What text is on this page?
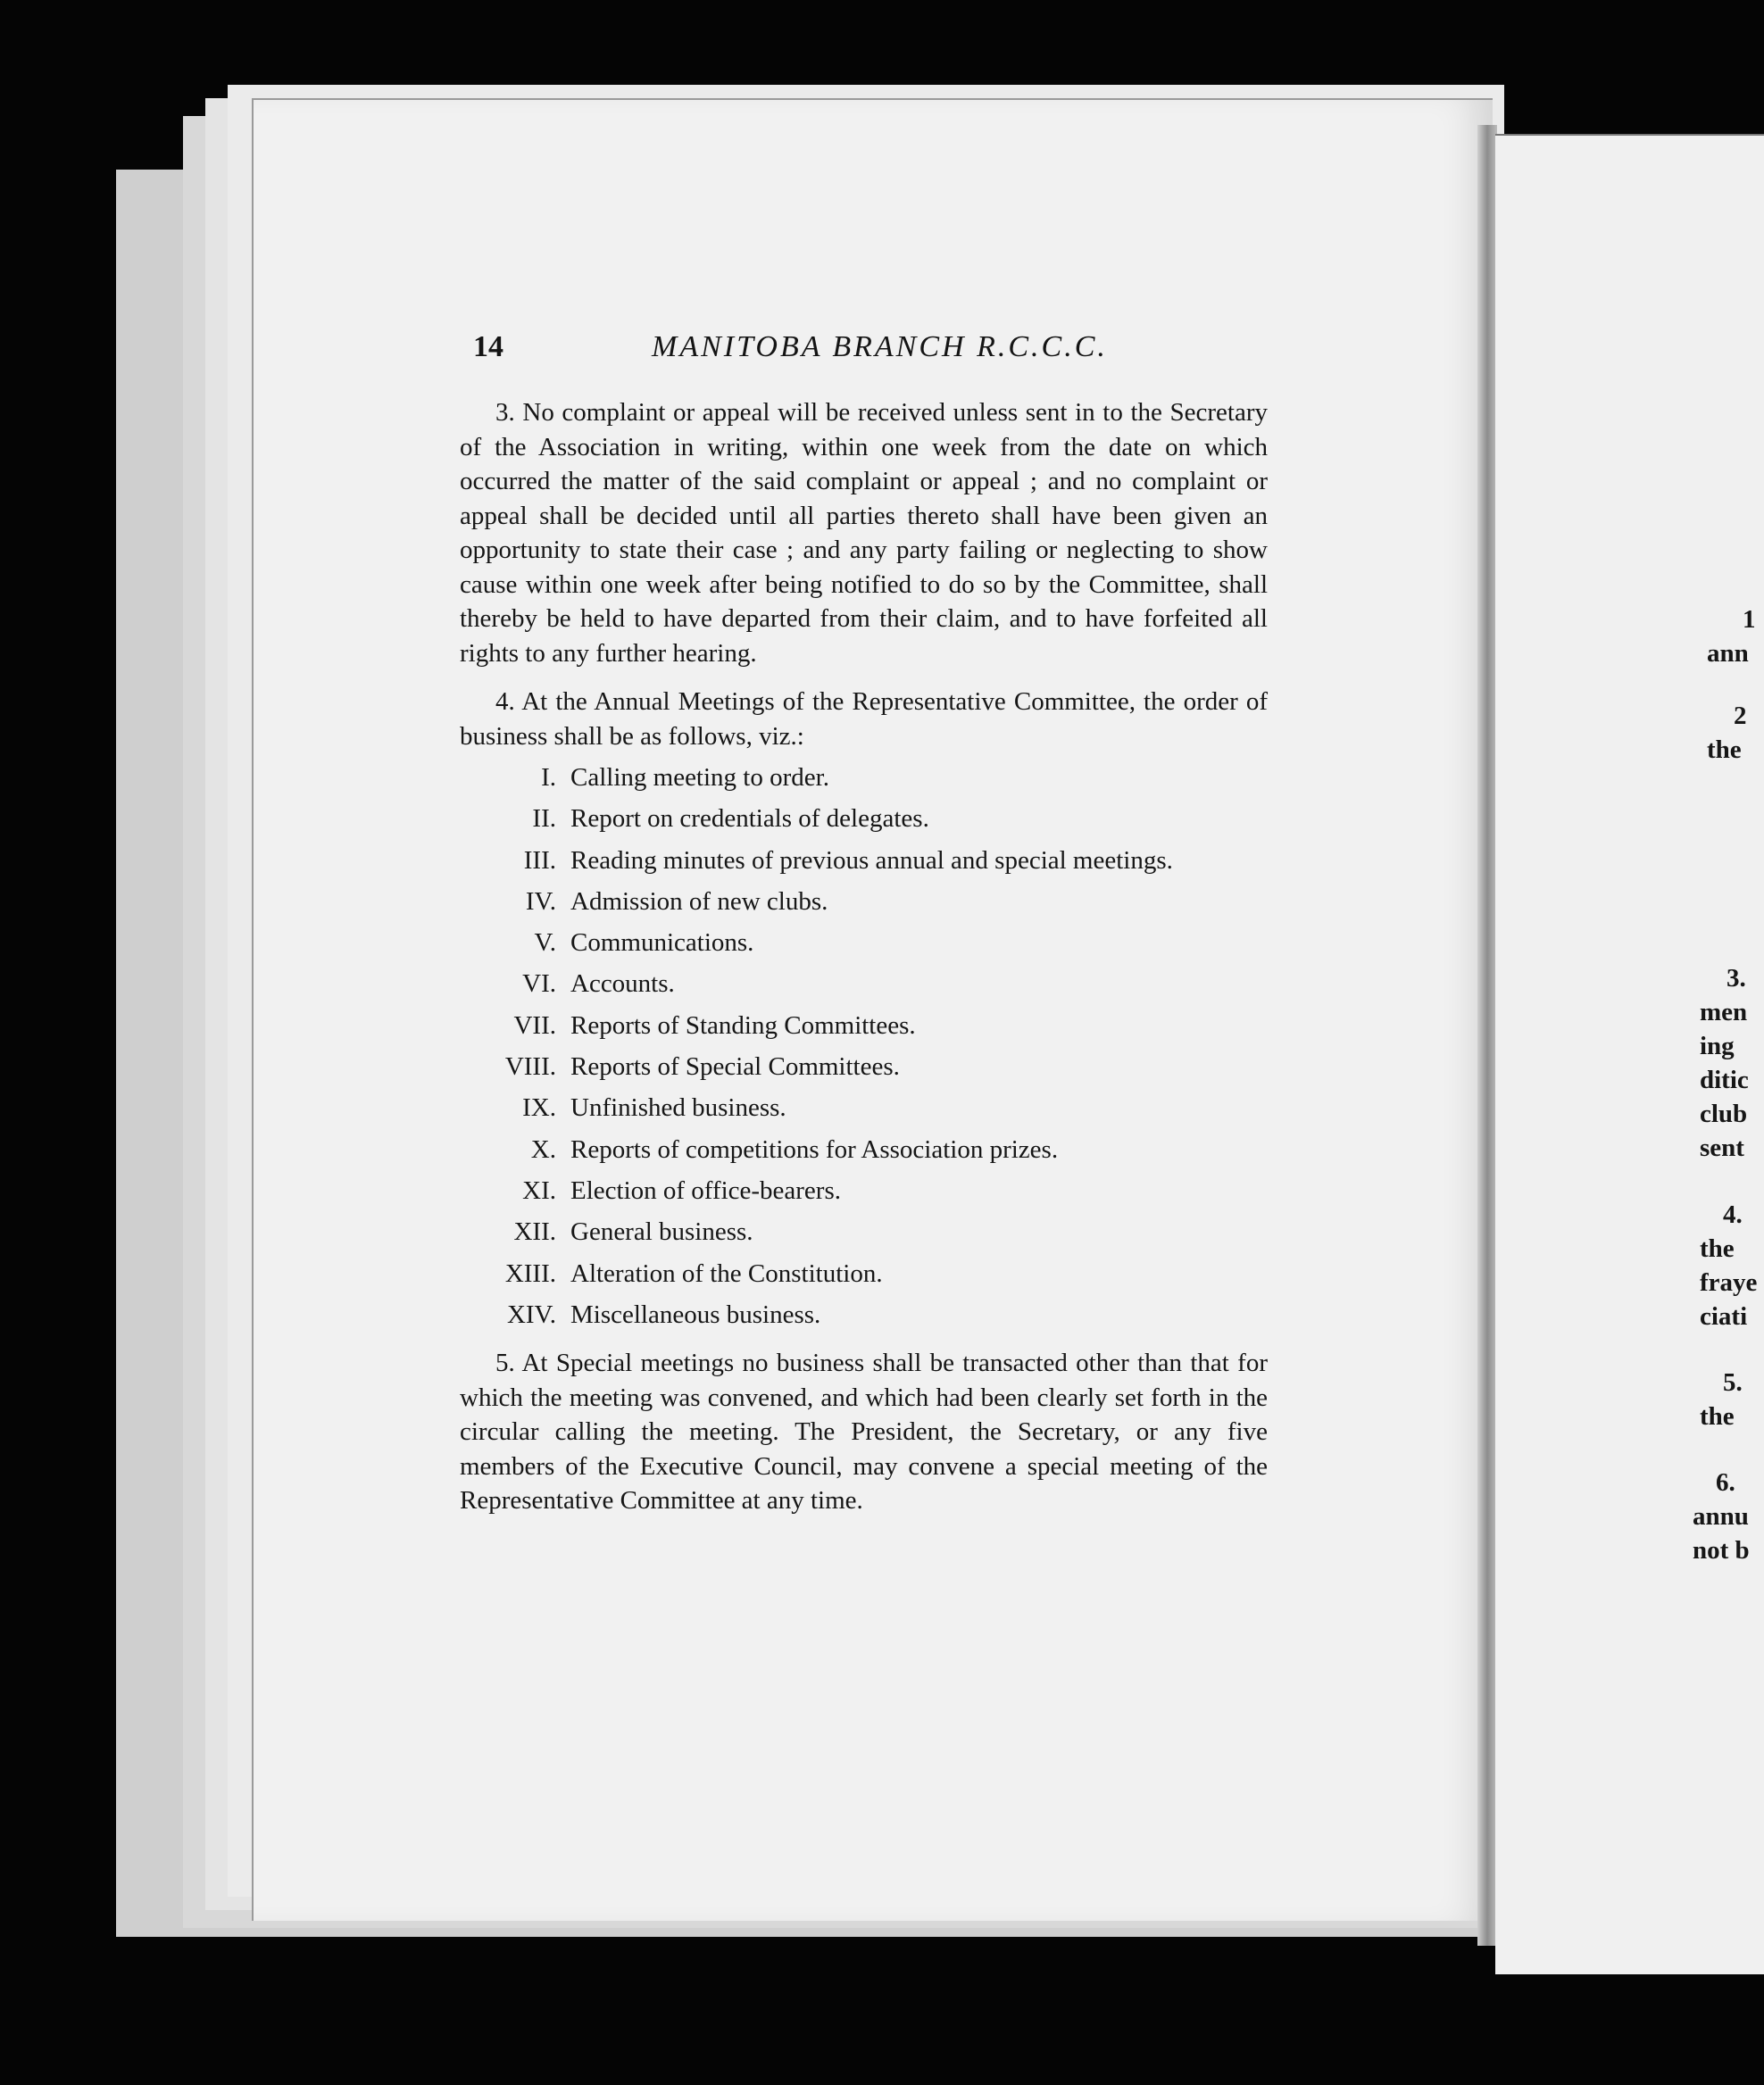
14	MANITOBA BRANCH R.C.C.C.

3. No complaint or appeal will be received unless sent in to the Secretary of the Association in writing, within one week from the date on which occurred the matter of the said complaint or appeal ; and no complaint or appeal shall be decided until all parties thereto shall have been given an opportunity to state their case ; and any party failing or neglecting to show cause within one week after being notified to do so by the Committee, shall thereby be held to have departed from their claim, and to have forfeited all rights to any further hearing.

4. At the Annual Meetings of the Representative Committee, the order of business shall be as follows, viz.:

I. Calling meeting to order.
II. Report on credentials of delegates.
III. Reading minutes of previous annual and special meetings.
IV. Admission of new clubs.
V. Communications.
VI. Accounts.
VII. Reports of Standing Committees.
VIII. Reports of Special Committees.
IX. Unfinished business.
X. Reports of competitions for Association prizes.
XI. Election of office-bearers.
XII. General business.
XIII. Alteration of the Constitution.
XIV. Miscellaneous business.

5. At Special meetings no business shall be transacted other than that for which the meeting was convened, and which had been clearly set forth in the circular calling the meeting. The President, the Secretary, or any five members of the Executive Council, may convene a special meeting of the Representative Committee at any time.

1
ann
2
the
3.
men
ing
ditic
club
sent
4.
the
fraye
ciati
5.
the
6.
annu
not b
